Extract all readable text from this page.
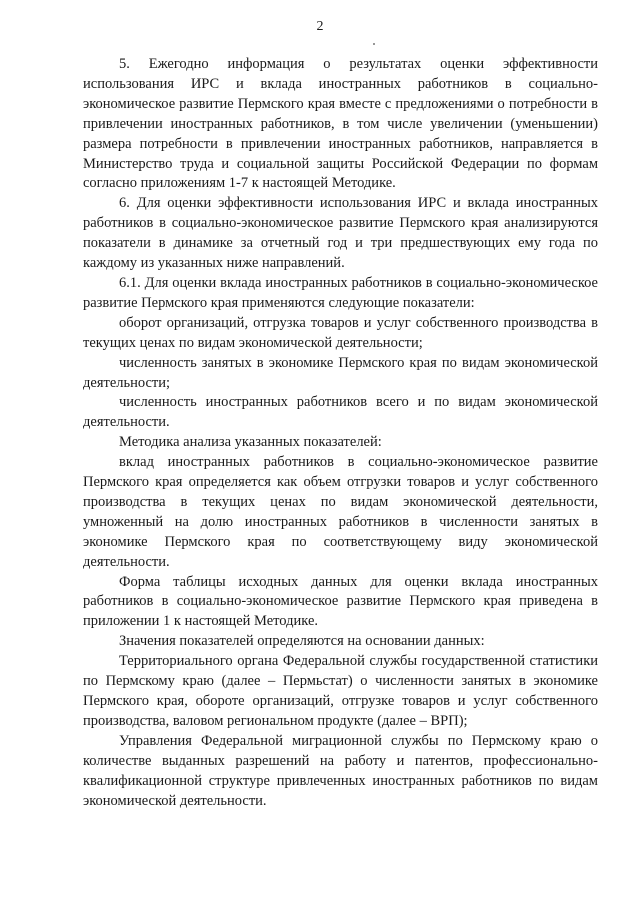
2

5. Ежегодно информация о результатах оценки эффективности использования ИРС и вклада иностранных работников в социально-экономическое развитие Пермского края вместе с предложениями о потребности в привлечении иностранных работников, в том числе увеличении (уменьшении) размера потребности в привлечении иностранных работников, направляется в Министерство труда и социальной защиты Российской Федерации по формам согласно приложениям 1-7 к настоящей Методике.

6. Для оценки эффективности использования ИРС и вклада иностранных работников в социально-экономическое развитие Пермского края анализируются показатели в динамике за отчетный год и три предшествующих ему года по каждому из указанных ниже направлений.

6.1. Для оценки вклада иностранных работников в социально-экономическое развитие Пермского края применяются следующие показатели:

оборот организаций, отгрузка товаров и услуг собственного производства в текущих ценах по видам экономической деятельности;

численность занятых в экономике Пермского края по видам экономической деятельности;

численность иностранных работников всего и по видам экономической деятельности.

Методика анализа указанных показателей:

вклад иностранных работников в социально-экономическое развитие Пермского края определяется как объем отгрузки товаров и услуг собственного производства в текущих ценах по видам экономической деятельности, умноженный на долю иностранных работников в численности занятых в экономике Пермского края по соответствующему виду экономической деятельности.

Форма таблицы исходных данных для оценки вклада иностранных работников в социально-экономическое развитие Пермского края приведена в приложении 1 к настоящей Методике.

Значения показателей определяются на основании данных:

Территориального органа Федеральной службы государственной статистики по Пермскому краю (далее – Пермьстат) о численности занятых в экономике Пермского края, обороте организаций, отгрузке товаров и услуг собственного производства, валовом региональном продукте (далее – ВРП);

Управления Федеральной миграционной службы по Пермскому краю о количестве выданных разрешений на работу и патентов, профессионально-квалификационной структуре привлеченных иностранных работников по видам экономической деятельности.
